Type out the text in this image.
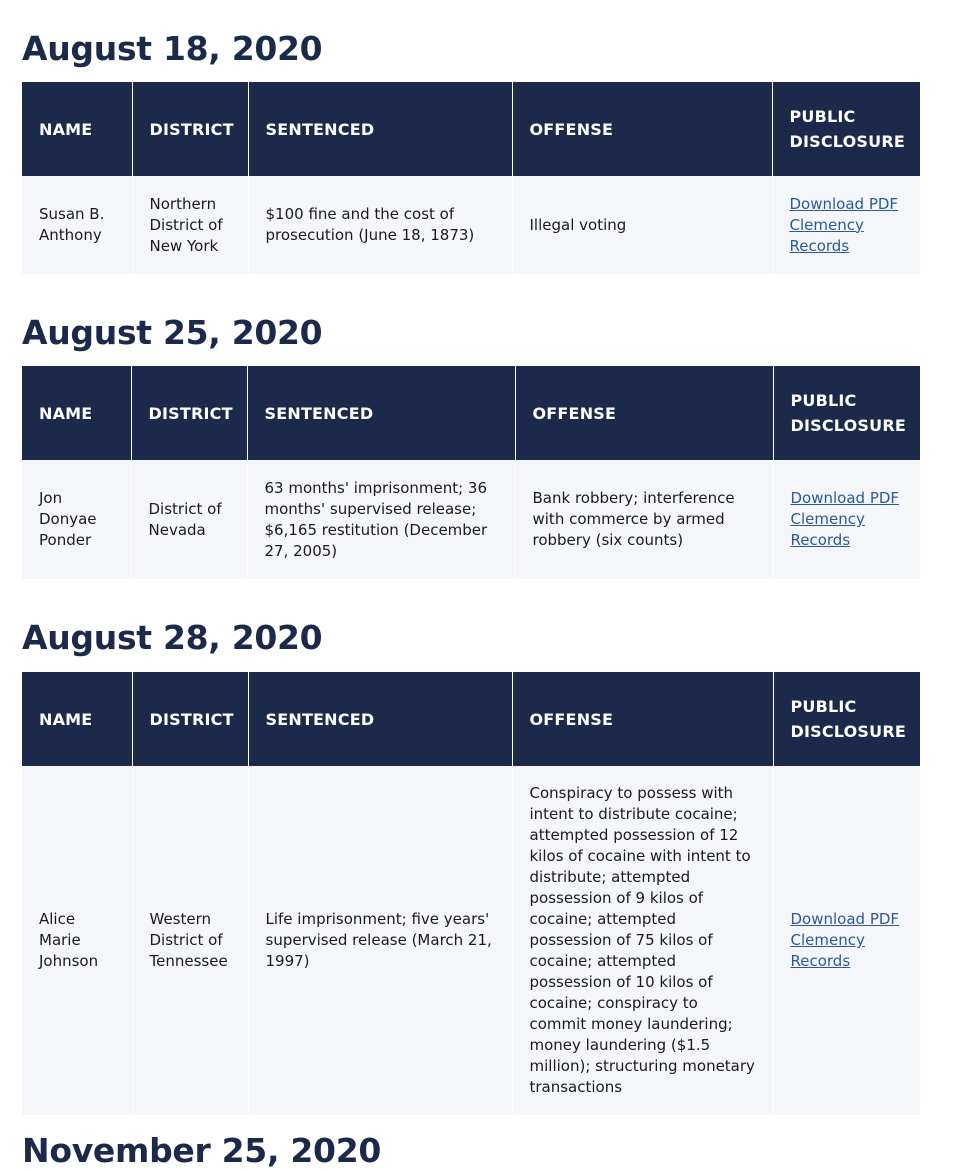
August 18, 2020
NAME	DISTRICT	SENTENCED	OFFENSE	PUBLIC DISCLOSURE
Susan B. Anthony	Northern District of New York	$100 fine and the cost of prosecution (June 18, 1873)	Illegal voting	Download PDF Clemency Records
August 25, 2020
NAME	DISTRICT	SENTENCED	OFFENSE	PUBLIC DISCLOSURE
Jon Donyae Ponder	District of Nevada	63 months' imprisonment; 36 months' supervised release; $6,165 restitution (December 27, 2005)	Bank robbery; interference with commerce by armed robbery (six counts)	Download PDF Clemency Records
August 28, 2020
NAME	DISTRICT	SENTENCED	OFFENSE	PUBLIC DISCLOSURE
Alice Marie Johnson	Western District of Tennessee	Life imprisonment; five years' supervised release (March 21, 1997)	Conspiracy to possess with intent to distribute cocaine; attempted possession of 12 kilos of cocaine with intent to distribute; attempted possession of 9 kilos of cocaine; attempted possession of 75 kilos of cocaine; attempted possession of 10 kilos of cocaine; conspiracy to commit money laundering; money laundering ($1.5 million); structuring monetary transactions	Download PDF Clemency Records
November 25, 2020
